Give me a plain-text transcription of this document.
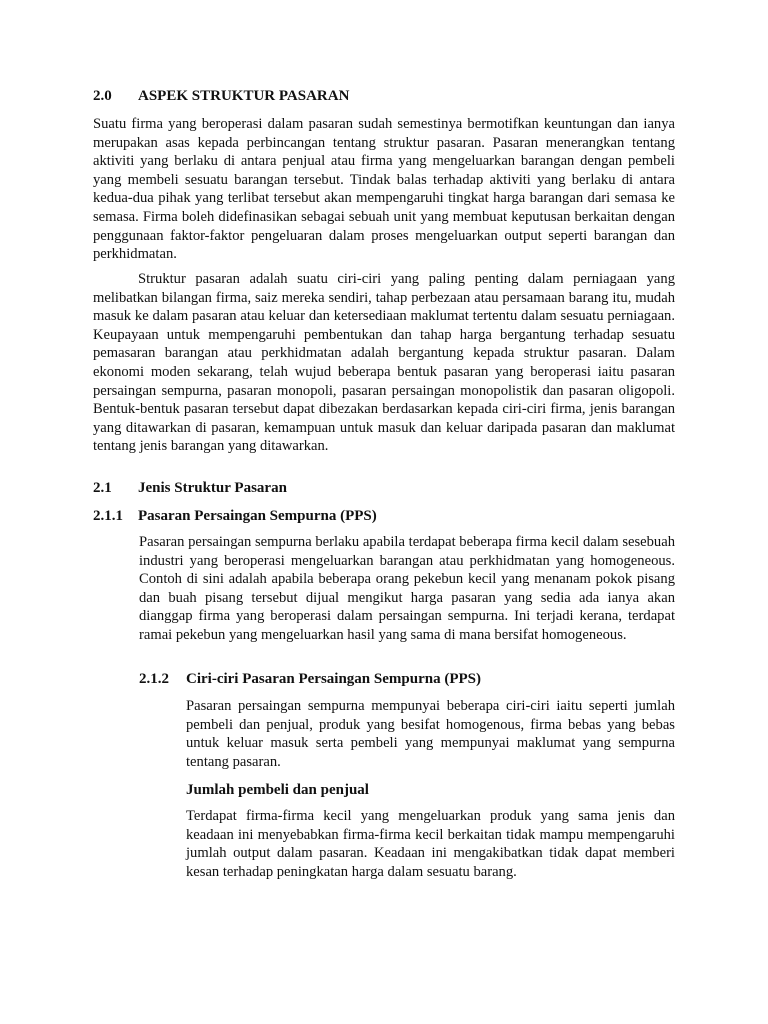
2.0 ASPEK STRUKTUR PASARAN

Suatu firma yang beroperasi dalam pasaran sudah semestinya bermotifkan keuntungan dan ianya merupakan asas kepada perbincangan tentang struktur pasaran. Pasaran menerangkan tentang aktiviti yang berlaku di antara penjual atau firma yang mengeluarkan barangan dengan pembeli yang membeli sesuatu barangan tersebut. Tindak balas terhadap aktiviti yang berlaku di antara kedua-dua pihak yang terlibat tersebut akan mempengaruhi tingkat harga barangan dari semasa ke semasa. Firma boleh didefinasikan sebagai sebuah unit yang membuat keputusan berkaitan dengan penggunaan faktor-faktor pengeluaran dalam proses mengeluarkan output seperti barangan dan perkhidmatan.

Struktur pasaran adalah suatu ciri-ciri yang paling penting dalam perniagaan yang melibatkan bilangan firma, saiz mereka sendiri, tahap perbezaan atau persamaan barang itu, mudah masuk ke dalam pasaran atau keluar dan ketersediaan maklumat tertentu dalam sesuatu perniagaan. Keupayaan untuk mempengaruhi pembentukan dan tahap harga bergantung terhadap sesuatu pemasaran barangan atau perkhidmatan adalah bergantung kepada struktur pasaran. Dalam ekonomi moden sekarang, telah wujud beberapa bentuk pasaran yang beroperasi iaitu pasaran persaingan sempurna, pasaran monopoli, pasaran persaingan monopolistik dan pasaran oligopoli. Bentuk-bentuk pasaran tersebut dapat dibezakan berdasarkan kepada ciri-ciri firma, jenis barangan yang ditawarkan di pasaran, kemampuan untuk masuk dan keluar daripada pasaran dan maklumat tentang jenis barangan yang ditawarkan.

2.1 Jenis Struktur Pasaran
2.1.1 Pasaran Persaingan Sempurna (PPS)

Pasaran persaingan sempurna berlaku apabila terdapat beberapa firma kecil dalam sesebuah industri yang beroperasi mengeluarkan barangan atau perkhidmatan yang homogeneous. Contoh di sini adalah apabila beberapa orang pekebun kecil yang menanam pokok pisang dan buah pisang tersebut dijual mengikut harga pasaran yang sedia ada ianya akan dianggap firma yang beroperasi dalam persaingan sempurna. Ini terjadi kerana, terdapat ramai pekebun yang mengeluarkan hasil yang sama di mana bersifat homogeneous.

2.1.2 Ciri-ciri Pasaran Persaingan Sempurna (PPS)

Pasaran persaingan sempurna mempunyai beberapa ciri-ciri iaitu seperti jumlah pembeli dan penjual, produk yang besifat homogenous, firma bebas yang bebas untuk keluar masuk serta pembeli yang mempunyai maklumat yang sempurna tentang pasaran.

Jumlah pembeli dan penjual

Terdapat firma-firma kecil yang mengeluarkan produk yang sama jenis dan keadaan ini menyebabkan firma-firma kecil berkaitan tidak mampu mempengaruhi jumlah output dalam pasaran. Keadaan ini mengakibatkan tidak dapat memberi kesan terhadap peningkatan harga dalam sesuatu barang.
